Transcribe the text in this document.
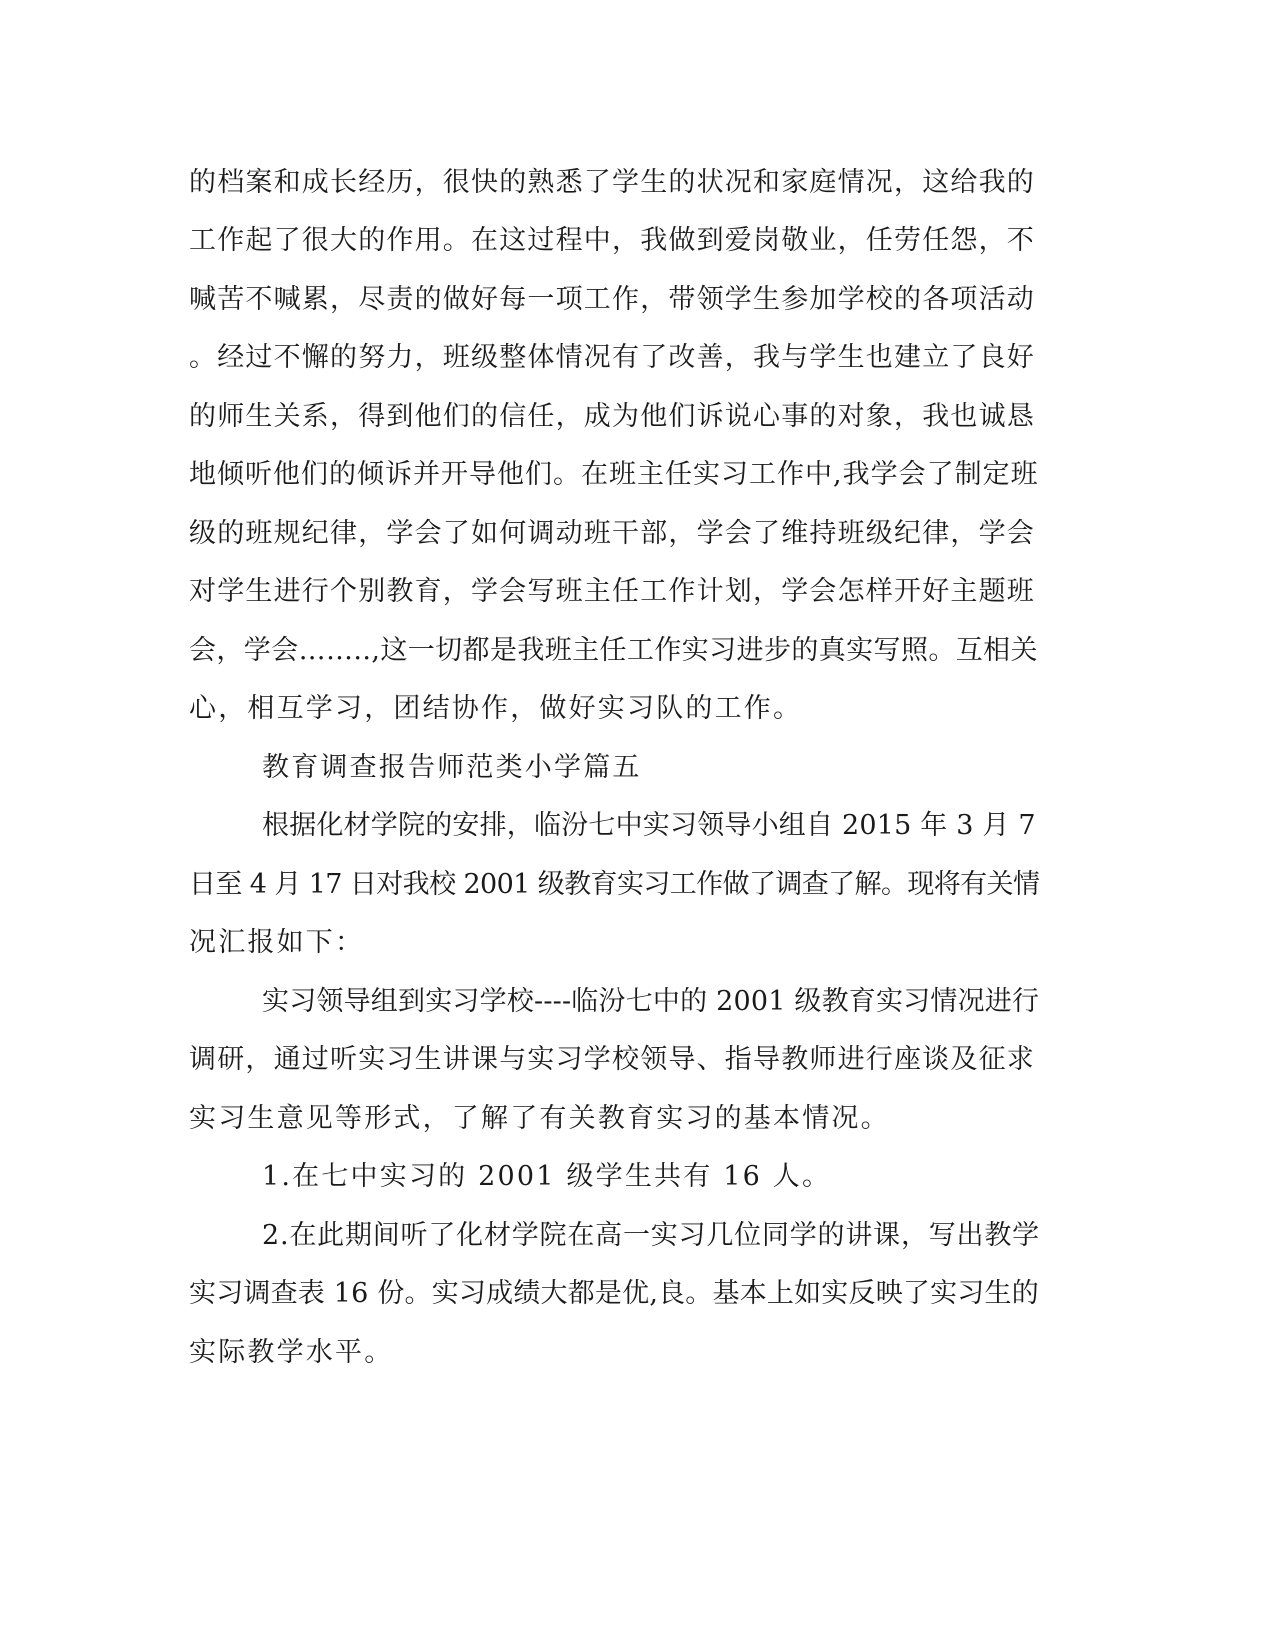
的档案和成长经历，很快的熟悉了学生的状况和家庭情况，这给我的
工作起了很大的作用。在这过程中，我做到爱岗敬业，任劳任怨，不
喊苦不喊累，尽责的做好每一项工作，带领学生参加学校的各项活动
。经过不懈的努力，班级整体情况有了改善，我与学生也建立了良好
的师生关系，得到他们的信任，成为他们诉说心事的对象，我也诚恳
地倾听他们的倾诉并开导他们。在班主任实习工作中,我学会了制定班
级的班规纪律，学会了如何调动班干部，学会了维持班级纪律，学会
对学生进行个别教育，学会写班主任工作计划，学会怎样开好主题班
会，学会……..,这一切都是我班主任工作实习进步的真实写照。互相关
心，相互学习，团结协作，做好实习队的工作。
教育调查报告师范类小学篇五
根据化材学院的安排，临汾七中实习领导小组自 2015 年 3 月 7
日至 4 月 17 日对我校 2001 级教育实习工作做了调查了解。现将有关情
况汇报如下：
实习领导组到实习学校----临汾七中的 2001 级教育实习情况进行
调研，通过听实习生讲课与实习学校领导、指导教师进行座谈及征求
实习生意见等形式，了解了有关教育实习的基本情况。
1.在七中实习的 2001 级学生共有 16 人。
2.在此期间听了化材学院在高一实习几位同学的讲课，写出教学
实习调查表 16 份。实习成绩大都是优,良。基本上如实反映了实习生的
实际教学水平。
